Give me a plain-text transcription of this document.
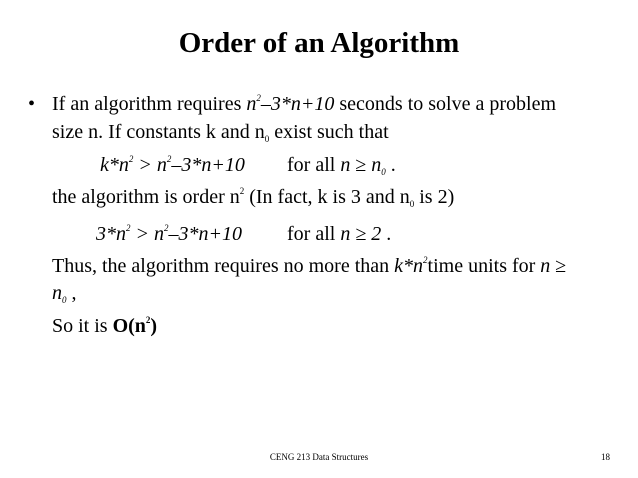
Order of an Algorithm
• If an algorithm requires $n^2-3*n+10$ seconds to solve a problem
size n. If constants k and $n_0$ exist such that
$k*n^2 > n^2-3*n+10$ for all $n \ge n_0$ .
the algorithm is order $n^2$ (In fact, k is 3 and $n_0$ is 2)
$3*n^2 > n^2-3*n+10$ for all n ≥ 2 .
Thus, the algorithm requires no more than $k*n^2time$ units for n ≥
$n_0$ ,
So it is $O(n^2)$
CENG 213 Data Structures	18
